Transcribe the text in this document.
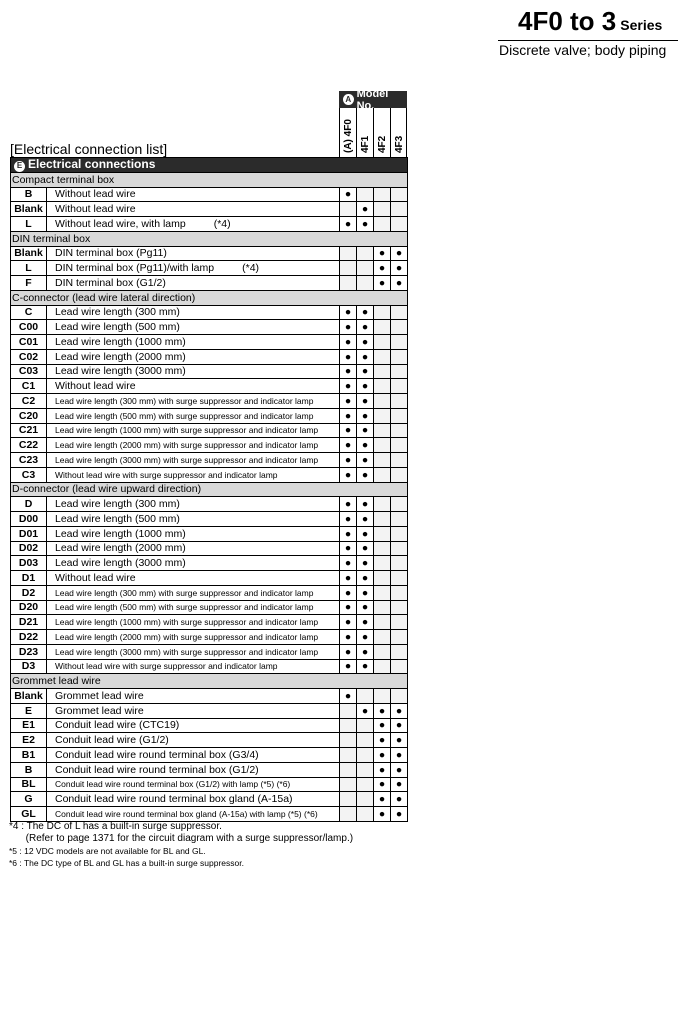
4F0 to 3 Series
Discrete valve; body piping
[Electrical connection list]
A Model No.
(A) 4F0 4F1 4F2 4F3
E Electrical connections					
Compact terminal box					
B	Without lead wire	●			
Blank	Without lead wire		●		
L	Without lead wire, with lamp (*4)	●	●		
DIN terminal box					
Blank	DIN terminal box (Pg11)			●	●
L	DIN terminal box (Pg11)/with lamp (*4)			●	●
F	DIN terminal box (G1/2)			●	●
C-connector (lead wire lateral direction)					
C	Lead wire length (300 mm)	●	●		
C00	Lead wire length (500 mm)	●	●		
C01	Lead wire length (1000 mm)	●	●		
C02	Lead wire length (2000 mm)	●	●		
C03	Lead wire length (3000 mm)	●	●		
C1	Without lead wire	●	●		
C2	Lead wire length (300 mm) with surge suppressor and indicator lamp	●	●		
C20	Lead wire length (500 mm) with surge suppressor and indicator lamp	●	●		
C21	Lead wire length (1000 mm) with surge suppressor and indicator lamp	●	●		
C22	Lead wire length (2000 mm) with surge suppressor and indicator lamp	●	●		
C23	Lead wire length (3000 mm) with surge suppressor and indicator lamp	●	●		
C3	Without lead wire with surge suppressor and indicator lamp	●	●		
D-connector (lead wire upward direction)					
D	Lead wire length (300 mm)	●	●		
D00	Lead wire length (500 mm)	●	●		
D01	Lead wire length (1000 mm)	●	●		
D02	Lead wire length (2000 mm)	●	●		
D03	Lead wire length (3000 mm)	●	●		
D1	Without lead wire	●	●		
D2	Lead wire length (300 mm) with surge suppressor and indicator lamp	●	●		
D20	Lead wire length (500 mm) with surge suppressor and indicator lamp	●	●		
D21	Lead wire length (1000 mm) with surge suppressor and indicator lamp	●	●		
D22	Lead wire length (2000 mm) with surge suppressor and indicator lamp	●	●		
D23	Lead wire length (3000 mm) with surge suppressor and indicator lamp	●	●		
D3	Without lead wire with surge suppressor and indicator lamp	●	●		
Grommet lead wire					
Blank	Grommet lead wire	●			
E	Grommet lead wire		●	●	●
E1	Conduit lead wire (CTC19)			●	●
E2	Conduit lead wire (G1/2)			●	●
B1	Conduit lead wire round terminal box (G3/4)			●	●
B	Conduit lead wire round terminal box (G1/2)			●	●
BL	Conduit lead wire round terminal box (G1/2) with lamp (*5) (*6)			●	●
G	Conduit lead wire round terminal box gland (A-15a)			●	●
GL	Conduit lead wire round terminal box gland (A-15a) with lamp (*5) (*6)			●	●
*4 : The DC of L has a built-in surge suppressor.
(Refer to page 1371 for the circuit diagram with a surge suppressor/lamp.)
*5 : 12 VDC models are not available for BL and GL.
*6 : The DC type of BL and GL has a built-in surge suppressor.
